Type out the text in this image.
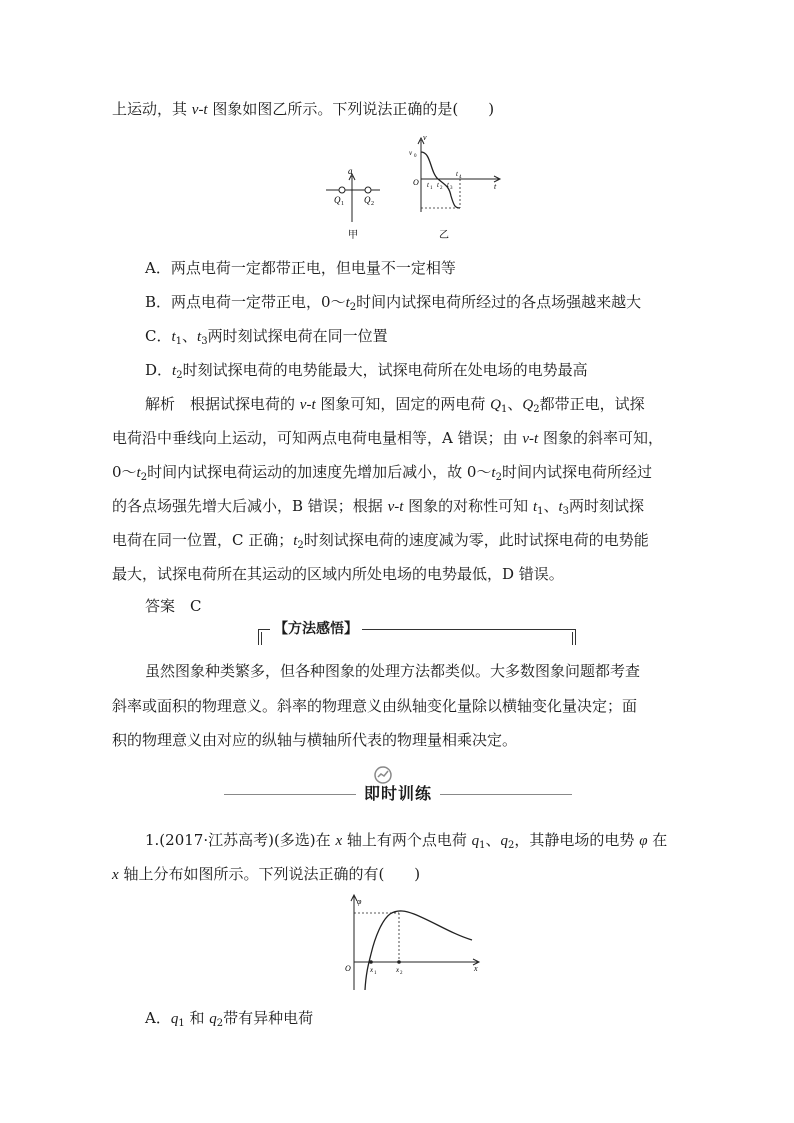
上运动，其 v-t 图象如图乙所示。下列说法正确的是(　　)
a
Q 1 Q 2
甲
v
v 0
O	t
t 1 t 2 t 3
t 4
乙
A．两点电荷一定都带正电，但电量不一定相等
B．两点电荷一定带正电，$0\sim t_2$时间内试探电荷所经过的各点场强越来越大
C．$t_1$、$t_3$两时刻试探电荷在同一位置
D．$t_2$时刻试探电荷的电势能最大，试探电荷所在处电场的电势最高
解析　根据试探电荷的 v-t 图象可知，固定的两电荷 $Q_1$、$Q_2$都带正电，试探
电荷沿中垂线向上运动，可知两点电荷电量相等，A 错误；由 v-t 图象的斜率可知，
$0\sim t_2$时间内试探电荷运动的加速度先增加后减小，故 $0\sim t_2$时间内试探电荷所经过
的各点场强先增大后减小，B 错误；根据 v-t 图象的对称性可知 $t_1$、$t_3$两时刻试探
电荷在同一位置，C 正确；$t_2$时刻试探电荷的速度减为零，此时试探电荷的电势能
最大，试探电荷所在其运动的区域内所处电场的电势最低，D 错误。
答案　 C
【方法感悟】
虽然图象种类繁多，但各种图象的处理方法都类似。大多数图象问题都考查
斜率或面积的物理意义。斜率的物理意义由纵轴变化量除以横轴变化量决定；面
积的物理意义由对应的纵轴与横轴所代表的物理量相乘决定。
即时训练
1.(2017·江苏高考)(多选)在 x 轴上有两个点电荷 $q_1$、$q_2$，其静电场的电势 φ 在
x 轴上分布如图所示。下列说法正确的有(　　)
φ
O	x 1	x 2
x
A．$q_1$ 和 $q_2$带有异种电荷
